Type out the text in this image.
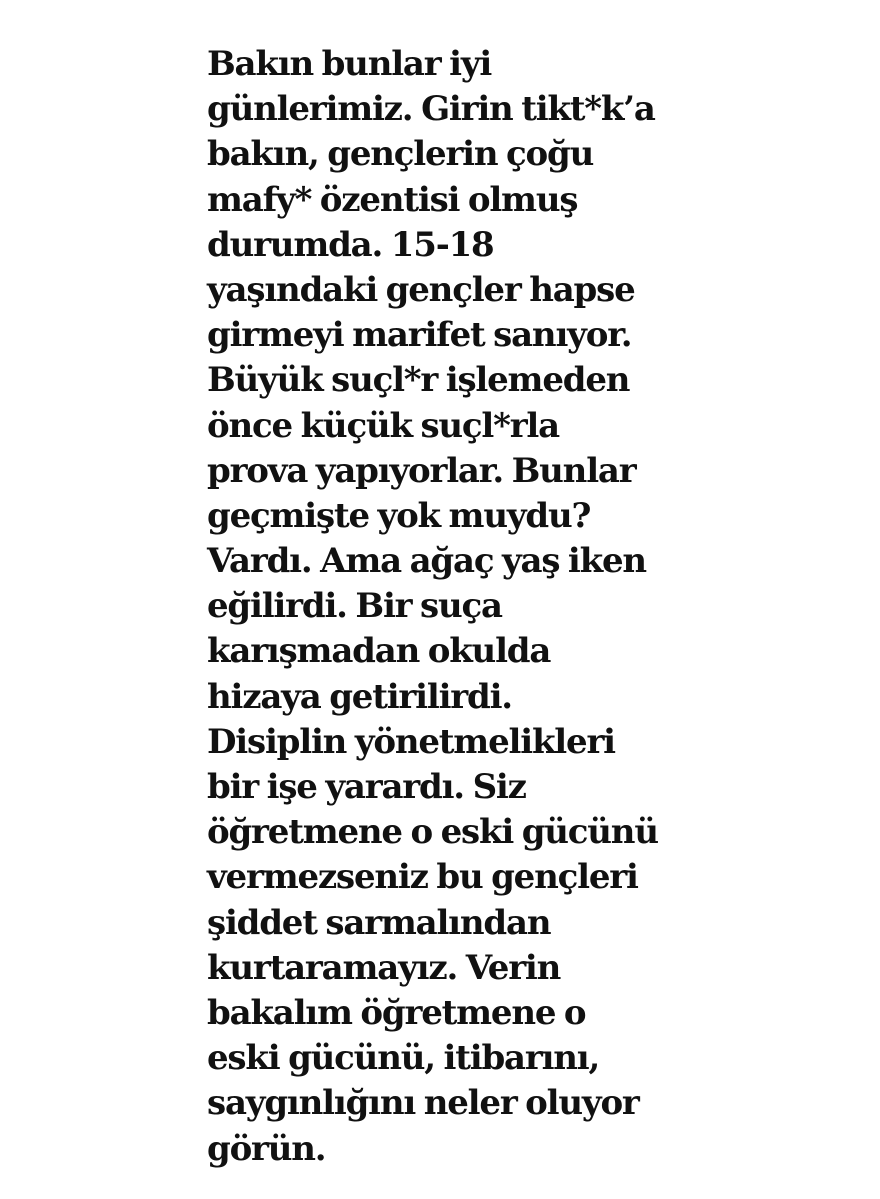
Bakın bunlar iyi
günlerimiz. Girin tikt*k’a
bakın, gençlerin çoğu
mafy* özentisi olmuş
durumda. 15-18
yaşındaki gençler hapse
girmeyi marifet sanıyor.
Büyük suçl*r işlemeden
önce küçük suçl*rla
prova yapıyorlar. Bunlar
geçmişte yok muydu?
Vardı. Ama ağaç yaş iken
eğilirdi. Bir suça
karışmadan okulda
hizaya getirilirdi.
Disiplin yönetmelikleri
bir işe yarardı. Siz
öğretmene o eski gücünü
vermezseniz bu gençleri
şiddet sarmalından
kurtaramayız. Verin
bakalım öğretmene o
eski gücünü, itibarını,
saygınlığını neler oluyor
görün.
